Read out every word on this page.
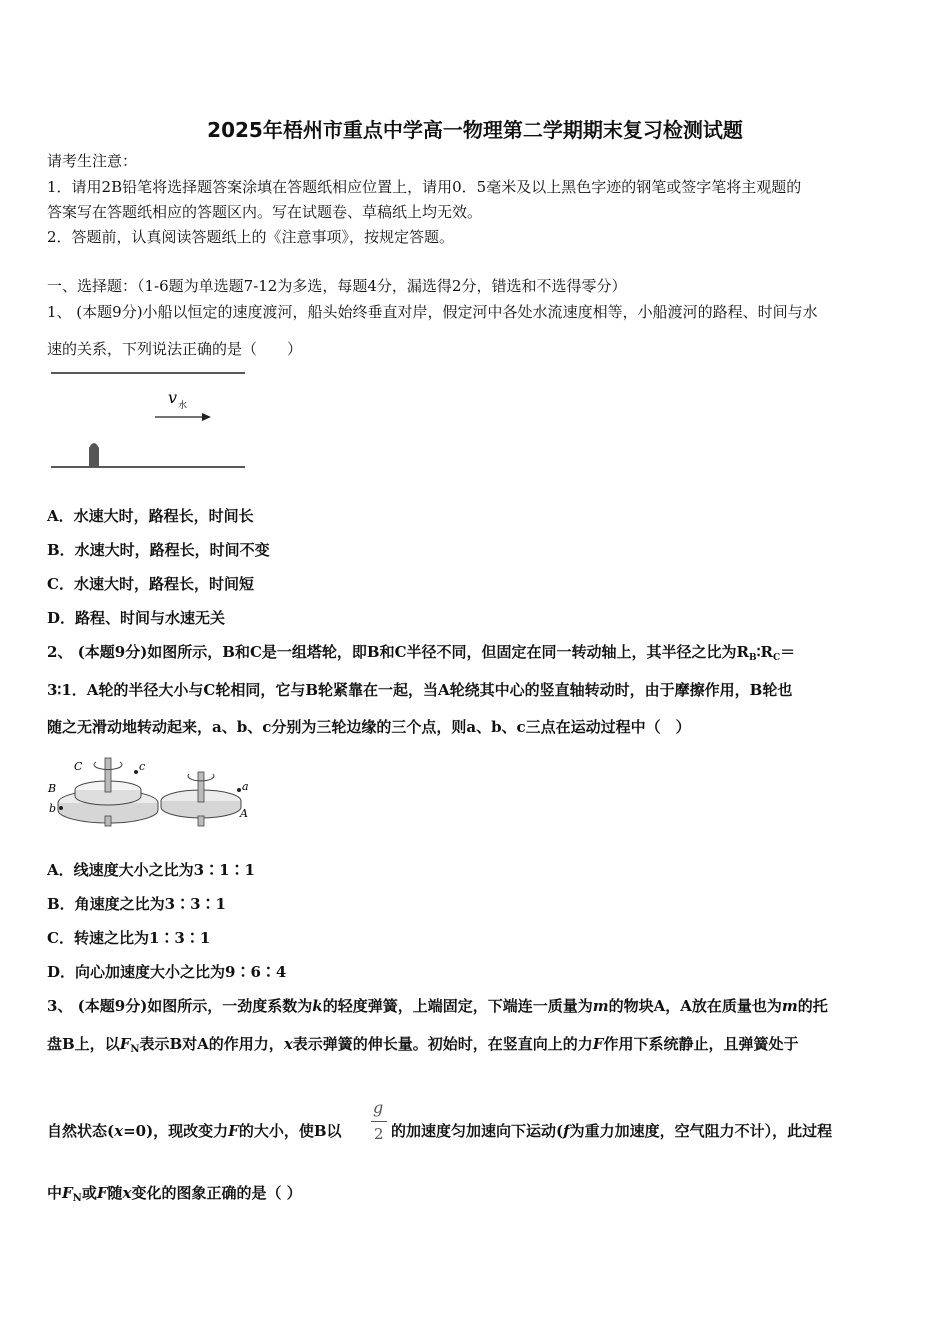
2025年梧州市重点中学高一物理第二学期期末复习检测试题
请考生注意：
1．请用2B铅笔将选择题答案涂填在答题纸相应位置上，请用0．5毫米及以上黑色字迹的钢笔或签字笔将主观题的
答案写在答题纸相应的答题区内。写在试题卷、草稿纸上均无效。
2．答题前，认真阅读答题纸上的《注意事项》，按规定答题。
一、选择题：（1-6题为单选题7-12为多选，每题4分，漏选得2分，错选和不选得零分）
1、 (本题9分)小船以恒定的速度渡河，船头始终垂直对岸，假定河中各处水流速度相等，小船渡河的路程、时间与水
速的关系，下列说法正确的是（　　）
v 水
A．水速大时，路程长，时间长
B．水速大时，路程长，时间不变
C．水速大时，路程长，时间短
D．路程、时间与水速无关
2、 (本题9分)如图所示，B和C是一组塔轮，即B和C半径不同，但固定在同一转动轴上，其半径之比为$R_B∶R_C=$
3∶1．A轮的半径大小与C轮相同，它与B轮紧靠在一起，当A轮绕其中心的竖直轴转动时，由于摩擦作用，B轮也
随之无滑动地转动起来，a、b、c分别为三轮边缘的三个点，则a、b、c三点在运动过程中（　）
C	c
B
b
a
A
A．线速度大小之比为3∶1∶1
B．角速度之比为3∶3∶1
C．转速之比为1∶3∶1
D．向心加速度大小之比为9∶6∶4
3、 (本题9分)如图所示，一劲度系数为k的轻度弹簧，上端固定，下端连一质量为m的物块A，A放在质量也为m的托
盘B上，以$F_N$表示B对A的作用力，x表示弹簧的伸长量。初始时，在竖直向上的力F作用下系统静止，且弹簧处于
g
2
自然状态(x=0)，现改变力F的大小，使B以	的加速度匀加速向下运动(f为重力加速度，空气阻力不计），此过程
中$F_N$或F随x变化的图象正确的是（ ）
